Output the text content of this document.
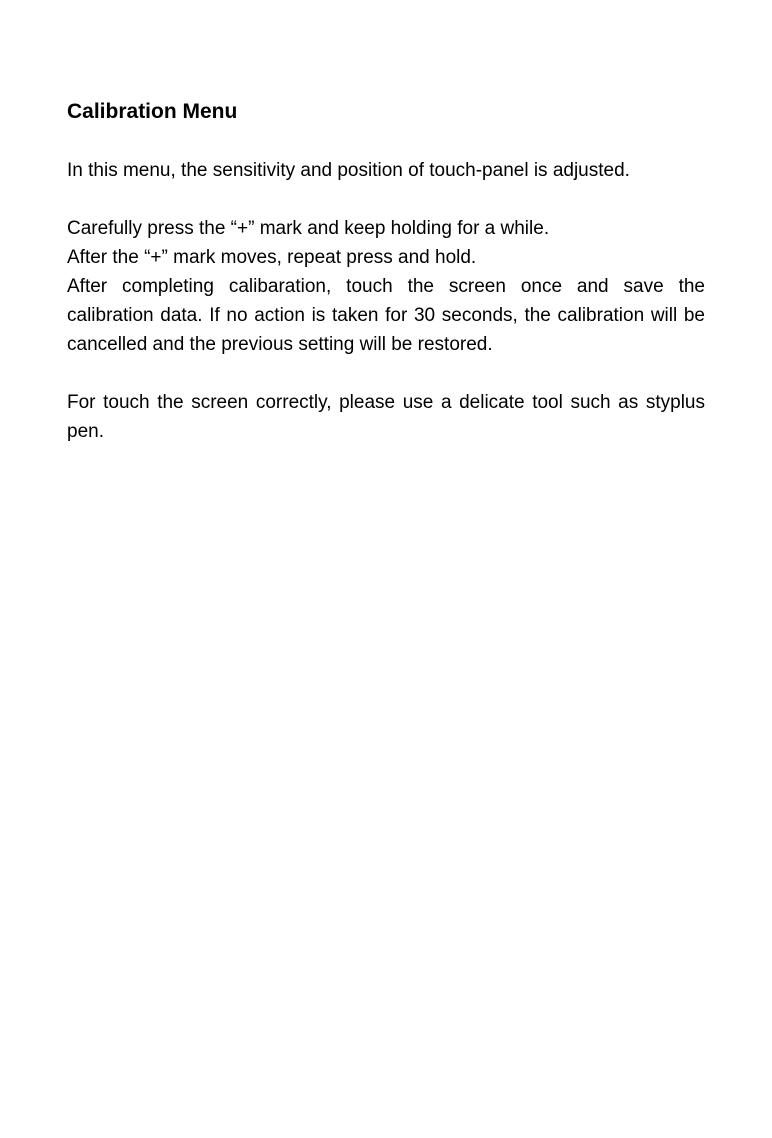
Calibration Menu

In this menu, the sensitivity and position of touch-panel is adjusted.

Carefully press the “+” mark and keep holding for a while.
After the “+” mark moves, repeat press and hold.
After completing calibaration, touch the screen once and save the calibration data. If no action is taken for 30 seconds, the calibration will be cancelled and the previous setting will be restored.

For touch the screen correctly, please use a delicate tool such as styplus pen.
